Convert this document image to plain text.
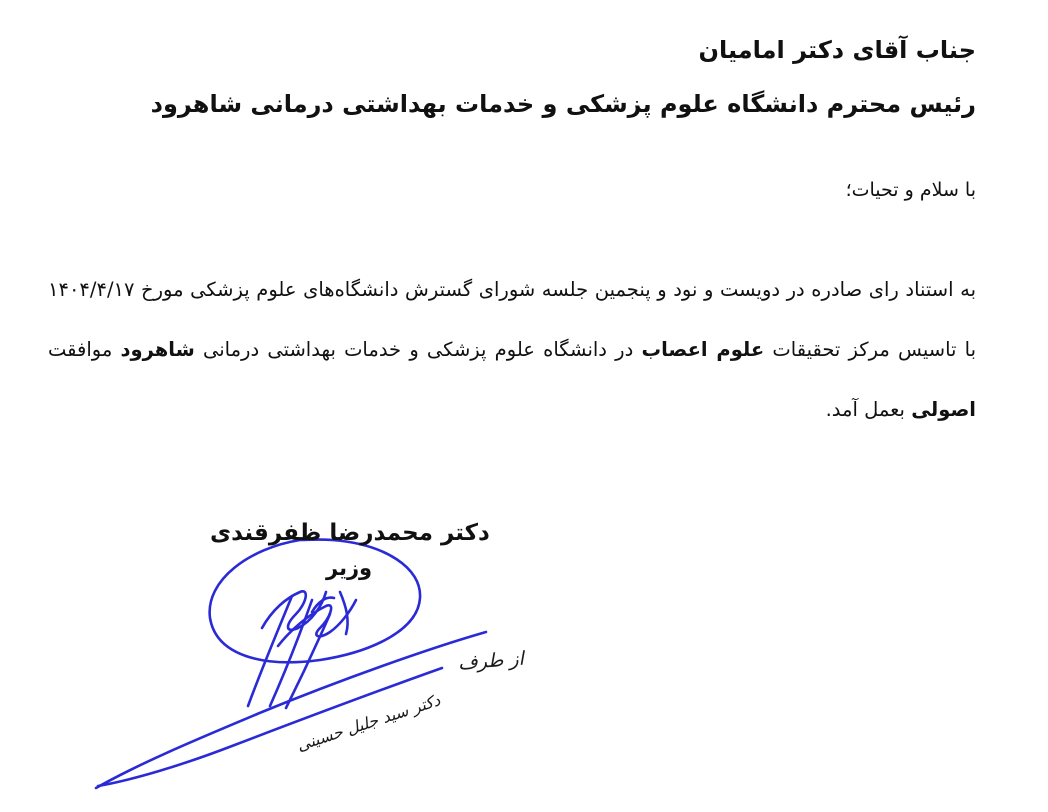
جناب آقای دکتر امامیان
رئیس محترم دانشگاه علوم پزشکی و خدمات بهداشتی درمانی شاهرود
با سلام و تحیات؛
به استناد رای صادره در دویست و نود و پنجمین جلسه شورای گسترش دانشگاه‌های علوم پزشکی مورخ ۱۴۰۴/۴/۱۷ با تاسیس مرکز تحقیقات علوم اعصاب در دانشگاه علوم پزشکی و خدمات بهداشتی درمانی شاهرود موافقت اصولی بعمل آمد.
دکتر محمدرضا ظفرقندی
وزیر
از طرف
دکتر سید جلیل حسینی
